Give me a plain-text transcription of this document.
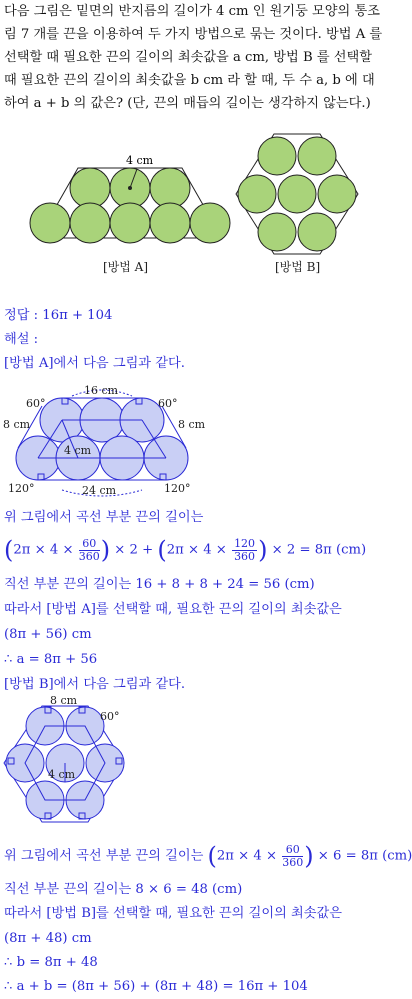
다음 그림은 밑면의 반지름의 길이가 4 cm 인 원기둥 모양의 통조
림 7 개를 끈을 이용하여 두 가지 방법으로 묶는 것이다. 방법 A 를
선택할 때 필요한 끈의 길이의 최솟값을 a cm, 방법 B 를 선택할
때 필요한 끈의 길이의 최솟값을 b cm 라 할 때, 두 수 a, b 에 대
하여 a + b 의 값은? (단, 끈의 매듭의 길이는 생각하지 않는다.)
4 cm
[방법 A]	[방법 B]
정답 : 16π + 104
해설 :
[방법 A]에서 다음 그림과 같다.
16 cm
8 cm	8 cm
4 cm
24 cm
60°	60°
120°	120°
위 그림에서 곡선 부분 끈의 길이는
($2\pi \times 4 \times \frac{60}{360}$ ) × $2 + (2\pi \times 4 \times \frac{120}{360}$ ) × 2 = 8π (cm)
직선 부분 끈의 길이는 16 + 8 + 8 + 24 = 56 (cm)
따라서 [방법 A]를 선택할 때, 필요한 끈의 길이의 최솟값은
(8π + 56) cm
∴ a = 8π + 56
[방법 B]에서 다음 그림과 같다.
8 cm
60°
4 cm
위 그림에서 곡선 부분 끈의 길이는 ($2\pi \times 4 \times \frac{60}{360}$ ) × 6 = 8π (cm)
직선 부분 끈의 길이는 8 × 6 = 48 (cm)
따라서 [방법 B]를 선택할 때, 필요한 끈의 길이의 최솟값은
(8π + 48) cm
∴ b = 8π + 48
∴ a + b = (8π + 56) + (8π + 48) = 16π + 104
